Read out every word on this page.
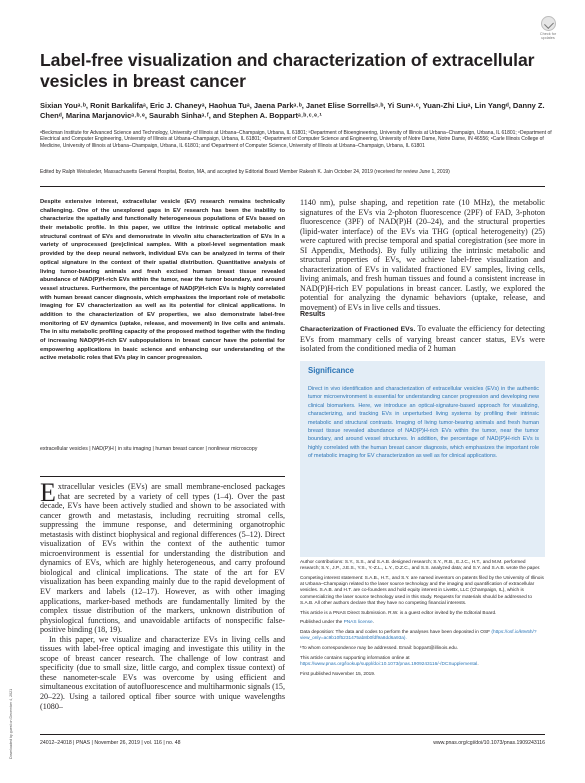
Downloaded by guest on December 4, 2021
Check for updates
Label-free visualization and characterization of extracellular vesicles in breast cancer
Sixian Youᵃ˒ᵇ, Ronit Barkalifaᵃ, Eric J. Chaneyᵃ, Haohua Tuᵃ, Jaena Parkᵃ˒ᵇ, Janet Elise Sorrellsᵃ˒ᵇ, Yi Sunᵃ˒ᶜ, Yuan-Zhi Liuᵃ, Lin Yangᵈ, Danny Z. Chenᵈ, Marina Marjanovicᵃ˒ᵇ˒ᵉ, Saurabh Sinhaᵃ˒ᶠ, and Stephen A. Boppartᵃ˒ᵇ˒ᶜ˒ᵉ˒¹
ᵃBeckman Institute for Advanced Science and Technology, University of Illinois at Urbana–Champaign, Urbana, IL 61801; ᵇDepartment of Bioengineering, University of Illinois at Urbana–Champaign, Urbana, IL 61801; ᶜDepartment of Electrical and Computer Engineering, University of Illinois at Urbana–Champaign, Urbana, IL 61801; ᵈDepartment of Computer Science and Engineering, University of Notre Dame, Notre Dame, IN 46556; ᵉCarle Illinois College of Medicine, University of Illinois at Urbana–Champaign, Urbana, IL 61801; and ᶠDepartment of Computer Science, University of Illinois at Urbana–Champaign, Urbana, IL 61801
Edited by Ralph Weissleder, Massachusetts General Hospital, Boston, MA, and accepted by Editorial Board Member Rakesh K. Jain October 24, 2019 (received for review June 1, 2019)
Despite extensive interest, extracellular vesicle (EV) research remains technically challenging. One of the unexplored gaps in EV research has been the inability to characterize the spatially and functionally heterogeneous populations of EVs based on their metabolic profile. In this paper, we utilize the intrinsic optical metabolic and structural contrast of EVs and demonstrate in vivo/in situ characterization of EVs in a variety of unprocessed (pre)clinical samples. With a pixel-level segmentation mask provided by the deep neural network, individual EVs can be analyzed in terms of their optical signature in the context of their spatial distribution. Quantitative analysis of living tumor-bearing animals and fresh excised human breast tissue revealed abundance of NAD(P)H-rich EVs within the tumor, near the tumor boundary, and around vessel structures. Furthermore, the percentage of NAD(P)H-rich EVs is highly correlated with human breast cancer diagnosis, which emphasizes the important role of metabolic imaging for EV characterization as well as its potential for clinical applications. In addition to the characterization of EV properties, we also demonstrate label-free monitoring of EV dynamics (uptake, release, and movement) in live cells and animals. The in situ metabolic profiling capacity of the proposed method together with the finding of increasing NAD(P)H-rich EV subpopulations in breast cancer have the potential for empowering applications in basic science and enhancing our understanding of the active metabolic roles that EVs play in cancer progression.
extracellular vesicles | NAD(P)H | in situ imaging | human breast cancer | nonlinear microscopy

Extracellular vesicles (EVs) are small membrane-enclosed packages that are secreted by a variety of cell types (1–4). Over the past decade, EVs have been actively studied and shown to be associated with cancer growth and metastasis, including recruiting stromal cells, suppressing the immune response, and determining organotrophic metastasis with distinct biophysical and regional differences (5–12). Direct visualization of EVs within the context of the authentic tumor microenvironment is essential for understanding the distribution and dynamics of EVs, which are highly heterogeneous, and carry profound biological and clinical implications. The state of the art for EV visualization has been expanding mainly due to the rapid development of EV markers and labels (12–17). However, as with other imaging applications, marker-based methods are fundamentally limited by the complex tissue distribution of the markers, unknown distribution of physiological functions, and unavoidable artifacts of nonspecific false-positive binding (18, 19).

In this paper, we visualize and characterize EVs in living cells and tissues with label-free optical imaging and investigate this utility in the scope of breast cancer research. The challenge of low contrast and specificity (due to small size, little cargo, and complex tissue context) of these nanometer-scale EVs was overcome by using efficient and simultaneous excitation of autofluorescence and multiharmonic signals (15, 20–22). Using a tailored optical fiber source with unique wavelengths (1080–

1140 nm), pulse shaping, and repetition rate (10 MHz), the metabolic signatures of the EVs via 2-photon fluorescence (2PF) of FAD, 3-photon fluorescence (3PF) of NAD(P)H (20–24), and the structural properties (lipid-water interface) of the EVs via THG (optical heterogeneity) (25) were captured with precise temporal and spatial coregistration (see more in SI Appendix, Methods). By fully utilizing the intrinsic metabolic and structural properties of EVs, we achieve label-free visualization and characterization of EVs in validated fractioned EV samples, living cells, living animals, and fresh human tissues and found a consistent increase in NAD(P)H-rich EV populations in breast cancer. Lastly, we explored the potential for analyzing the dynamic behaviors (uptake, release, and movement) of EVs in live cells and tissues.
Results
Characterization of Fractioned EVs. To evaluate the efficiency for detecting EVs from mammary cells of varying breast cancer status, EVs were isolated from the conditioned media of 2 human
Significance
Direct in vivo identification and characterization of extracellular vesicles (EVs) in the authentic tumor microenvironment is essential for understanding cancer progression and developing new clinical biomarkers. Here, we introduce an optical-signature-based approach for visualizing, characterizing, and tracking EVs in unperturbed living systems by profiling their intrinsic metabolic and structural contrasts. Imaging of living tumor-bearing animals and fresh human breast tissue revealed abundance of NAD(P)H-rich EVs within the tumor, near the tumor boundary, and around vessel structures. In addition, the percentage of NAD(P)H-rich EVs is highly correlated with the human breast cancer diagnosis, which emphasizes the important role of metabolic imaging for EV characterization as well as for clinical applications.

Author contributions: S.Y., S.S., and S.A.B. designed research; S.Y., R.B., E.J.C., H.T., and M.M. performed research; S.Y., J.P., J.E.S., Y.S., Y.-Z.L., L.Y., D.Z.C., and S.S. analyzed data; and S.Y. and S.A.B. wrote the paper.

Competing interest statement: S.A.B., H.T., and S.Y. are named inventors on patents filed by the University of Illinois at Urbana–Champaign related to the laser source technology and the imaging and quantification of extracellular vesicles. S.A.B. and H.T. are co-founders and hold equity interest in LiveBx, LLC (Champaign, IL), which is commercializing the laser source technology used in this study. Requests for materials should be addressed to S.A.B. All other authors declare that they have no competing financial interests.

This article is a PNAS Direct Submission. R.W. is a guest editor invited by the Editorial Board.

Published under the PNAS license.

Data deposition: The data and codes to perform the analyses have been deposited in OSF (https://osf.io/k9v5h/?view_only=ac9b10f5231475ab8b0fdf9a8dd6a93a).

¹To whom correspondence may be addressed. Email: boppart@illinois.edu.

This article contains supporting information online at https://www.pnas.org/lookup/suppl/doi:10.1073/pnas.1909243116/-/DCSupplemental.

First published November 15, 2019.

24012–24018 | PNAS | November 26, 2019 | vol. 116 | no. 48	www.pnas.org/cgi/doi/10.1073/pnas.1909243116
